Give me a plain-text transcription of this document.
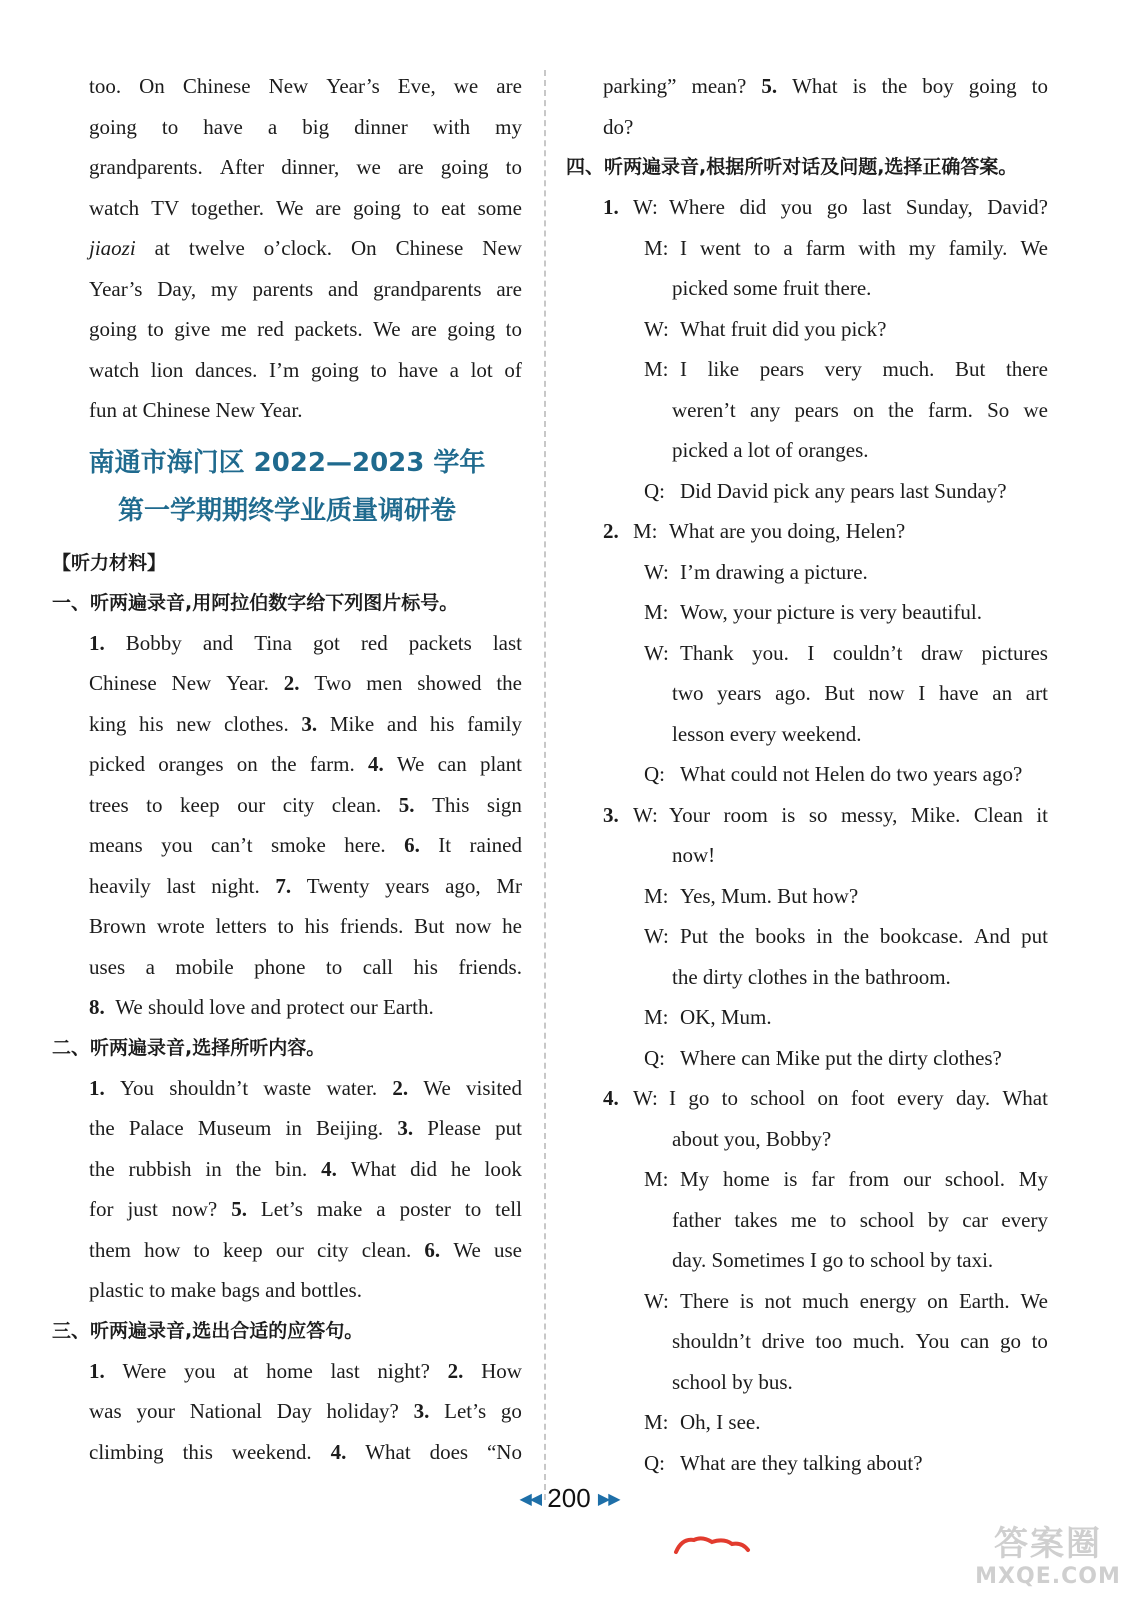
too. On Chinese New Year’s Eve, we are
going to have a big dinner with my
grandparents. After dinner, we are going to
watch TV together. We are going to eat some
jiaozi at twelve o’clock. On Chinese New
Year’s Day, my parents and grandparents are
going to give me red packets. We are going to
watch lion dances. I’m going to have a lot of
fun at Chinese New Year.
南通市海门区 2022—2023 学年
第一学期期终学业质量调研卷
【听力材料】
一、听两遍录音,用阿拉伯数字给下列图片标号。
1. Bobby and Tina got red packets last
Chinese New Year. 2. Two men showed the
king his new clothes. 3. Mike and his family
picked oranges on the farm. 4. We can plant
trees to keep our city clean. 5. This sign
means you can’t smoke here. 6. It rained
heavily last night. 7. Twenty years ago, Mr
Brown wrote letters to his friends. But now he
uses a mobile phone to call his friends.
8.
We should love and protect our Earth.
二、听两遍录音,选择所听内容。
1. You shouldn’t waste water. 2. We visited
the Palace Museum in Beijing. 3. Please put
the rubbish in the bin. 4. What did he look
for just now? 5. Let’s make a poster to tell
them how to keep our city clean. 6. We use
plastic to make bags and bottles.
三、听两遍录音,选出合适的应答句。
1. Were you at home last night? 2. How
was your National Day holiday? 3. Let’s go
climbing this weekend. 4. What does “No
parking” mean? 5. What is the boy going to
do?
四、听两遍录音,根据所听对话及问题,选择正确答案。
1. W: Where did you go last Sunday, David?
M: I went to a farm with my family. We
picked some fruit there.
W: What fruit did you pick?
M: I like pears very much. But there
weren’t any pears on the farm. So we
picked a lot of oranges.
Q: Did David pick any pears last Sunday?
2. M: What are you doing, Helen?
W: I’m drawing a picture.
M: Wow, your picture is very beautiful.
W: Thank you. I couldn’t draw pictures
two years ago. But now I have an art
lesson every weekend.
Q: What could not Helen do two years ago?
3. W: Your room is so messy, Mike. Clean it
now!
M: Yes, Mum. But how?
W: Put the books in the bookcase. And put
the dirty clothes in the bathroom.
M: OK, Mum.
Q: Where can Mike put the dirty clothes?
4. W: I go to school on foot every day. What
about you, Bobby?
M: My home is far from our school. My
father takes me to school by car every
day. Sometimes I go to school by taxi.
W: There is not much energy on Earth. We
shouldn’t drive too much. You can go to
school by bus.
M: Oh, I see.
Q: What are they talking about?
◀◀ 200 ▶▶
答案圈
MXQE.COM
